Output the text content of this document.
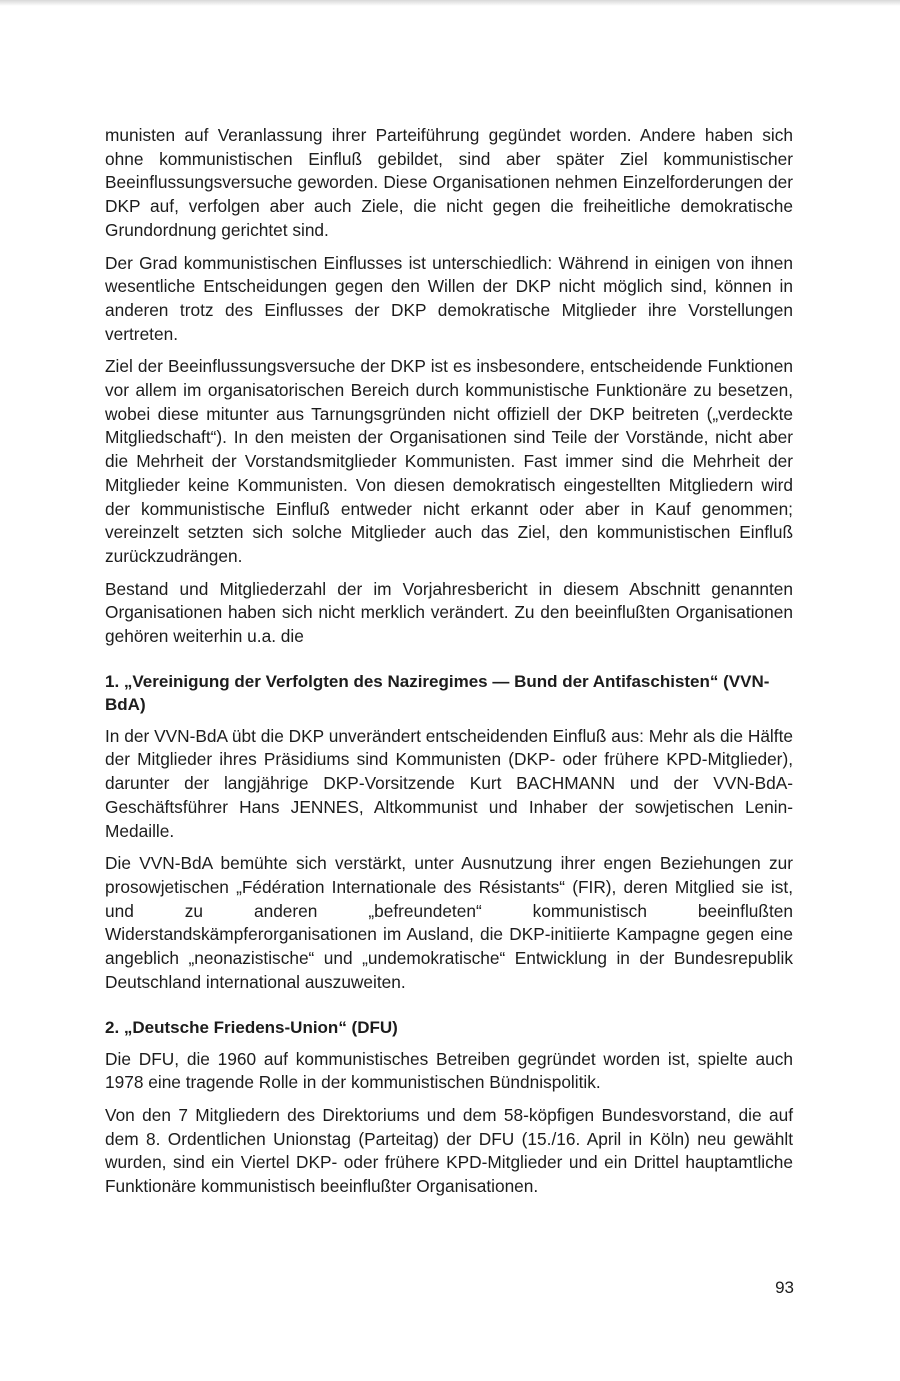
munisten auf Veranlassung ihrer Parteiführung gegündet worden. Andere haben sich ohne kommunistischen Einfluß gebildet, sind aber später Ziel kommunistischer Beeinflussungsversuche geworden. Diese Organisationen nehmen Einzelforderungen der DKP auf, verfolgen aber auch Ziele, die nicht gegen die freiheitliche demokratische Grundordnung gerichtet sind.

Der Grad kommunistischen Einflusses ist unterschiedlich: Während in einigen von ihnen wesentliche Entscheidungen gegen den Willen der DKP nicht möglich sind, können in anderen trotz des Einflusses der DKP demokratische Mitglieder ihre Vorstellungen vertreten.

Ziel der Beeinflussungsversuche der DKP ist es insbesondere, entscheidende Funktionen vor allem im organisatorischen Bereich durch kommunistische Funktionäre zu besetzen, wobei diese mitunter aus Tarnungsgründen nicht offiziell der DKP beitreten („verdeckte Mitgliedschaft“). In den meisten der Organisationen sind Teile der Vorstände, nicht aber die Mehrheit der Vorstandsmitglieder Kommunisten. Fast immer sind die Mehrheit der Mitglieder keine Kommunisten. Von diesen demokratisch eingestellten Mitgliedern wird der kommunistische Einfluß entweder nicht erkannt oder aber in Kauf genommen; vereinzelt setzten sich solche Mitglieder auch das Ziel, den kommunistischen Einfluß zurückzudrängen.

Bestand und Mitgliederzahl der im Vorjahresbericht in diesem Abschnitt genannten Organisationen haben sich nicht merklich verändert. Zu den beeinflußten Organisationen gehören weiterhin u.a. die

1. „Vereinigung der Verfolgten des Naziregimes — Bund der Antifaschisten“ (VVN-BdA)

In der VVN-BdA übt die DKP unverändert entscheidenden Einfluß aus: Mehr als die Hälfte der Mitglieder ihres Präsidiums sind Kommunisten (DKP- oder frühere KPD-Mitglieder), darunter der langjährige DKP-Vorsitzende Kurt BACHMANN und der VVN-BdA-Geschäftsführer Hans JENNES, Altkommunist und Inhaber der sowjetischen Lenin-Medaille.

Die VVN-BdA bemühte sich verstärkt, unter Ausnutzung ihrer engen Beziehungen zur prosowjetischen „Fédération Internationale des Résistants“ (FIR), deren Mitglied sie ist, und zu anderen „befreundeten“ kommunistisch beeinflußten Widerstandskämpferorganisationen im Ausland, die DKP-initiierte Kampagne gegen eine angeblich „neonazistische“ und „undemokratische“ Entwicklung in der Bundesrepublik Deutschland international auszuweiten.

2. „Deutsche Friedens-Union“ (DFU)

Die DFU, die 1960 auf kommunistisches Betreiben gegründet worden ist, spielte auch 1978 eine tragende Rolle in der kommunistischen Bündnispolitik.

Von den 7 Mitgliedern des Direktoriums und dem 58-köpfigen Bundesvorstand, die auf dem 8. Ordentlichen Unionstag (Parteitag) der DFU (15./16. April in Köln) neu gewählt wurden, sind ein Viertel DKP- oder frühere KPD-Mitglieder und ein Drittel hauptamtliche Funktionäre kommunistisch beeinflußter Organisationen.

93
